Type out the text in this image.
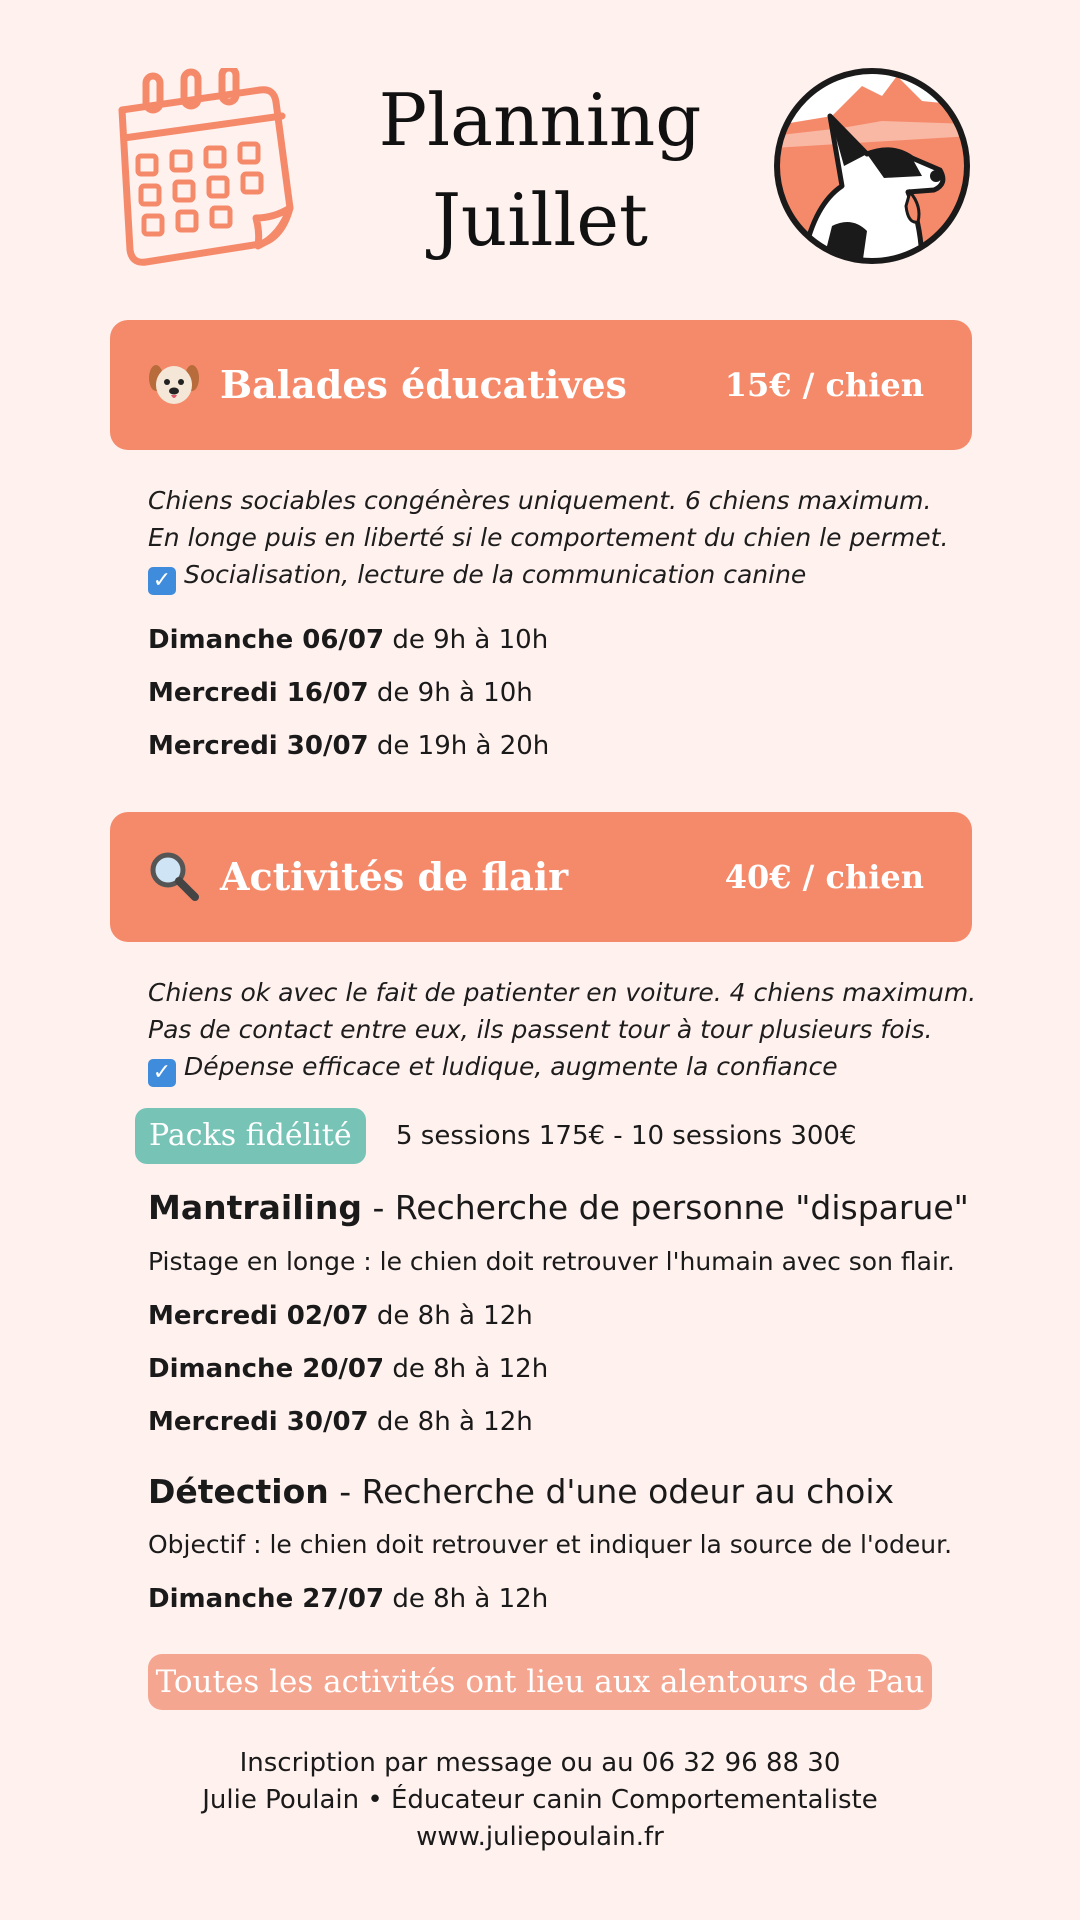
Planning
Juillet
Balades éducatives	15€ / chien
Chiens sociables congénères uniquement. 6 chiens maximum.
En longe puis en liberté si le comportement du chien le permet.
✓ Socialisation, lecture de la communication canine
Dimanche 06/07 de 9h à 10h
Mercredi 16/07 de 9h à 10h
Mercredi 30/07 de 19h à 20h
Activités de flair	40€ / chien
Chiens ok avec le fait de patienter en voiture. 4 chiens maximum.
Pas de contact entre eux, ils passent tour à tour plusieurs fois.
✓ Dépense efficace et ludique, augmente la confiance
Packs fidélité	5 sessions 175€ - 10 sessions 300€
Mantrailing - Recherche de personne "disparue"
Pistage en longe : le chien doit retrouver l'humain avec son flair.
Mercredi 02/07 de 8h à 12h
Dimanche 20/07 de 8h à 12h
Mercredi 30/07 de 8h à 12h
Détection - Recherche d'une odeur au choix
Objectif : le chien doit retrouver et indiquer la source de l'odeur.
Dimanche 27/07 de 8h à 12h
Toutes les activités ont lieu aux alentours de Pau
Inscription par message ou au 06 32 96 88 30
Julie Poulain • Éducateur canin Comportementaliste
www.juliepoulain.fr
